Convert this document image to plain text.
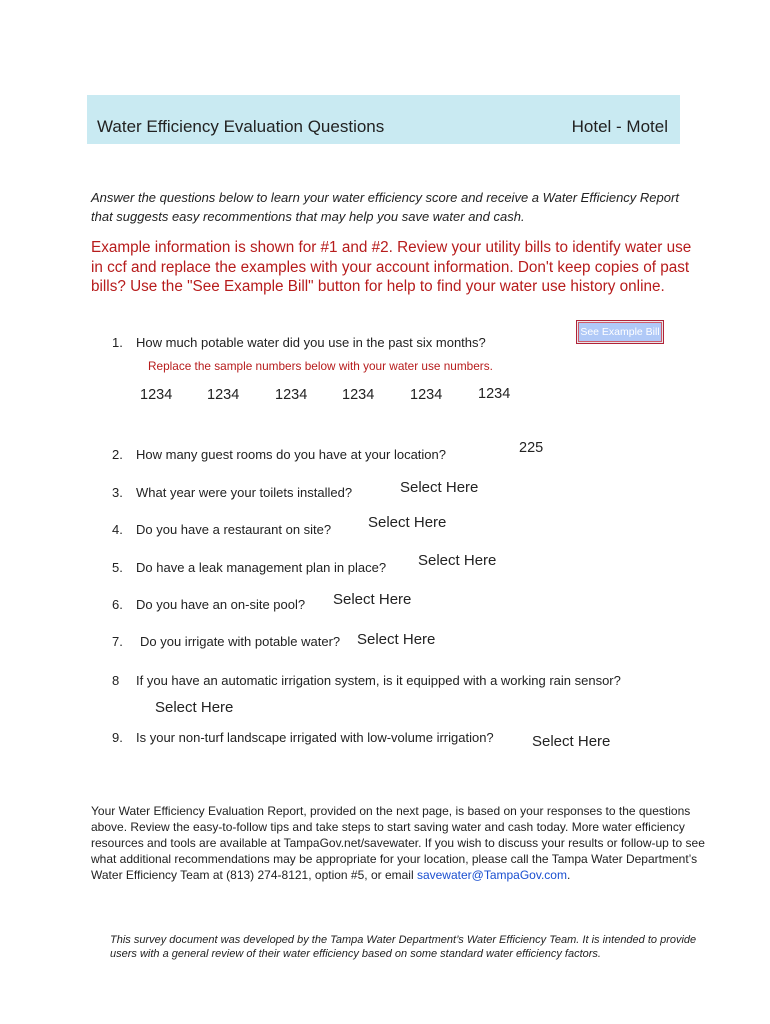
Water Efficiency Evaluation Questions	Hotel - Motel
Answer the questions below to learn your water efficiency score and receive a Water Efficiency Report that suggests easy recommentions that may help you save water and cash.
Example information is shown for #1 and #2. Review your utility bills to identify water use in ccf and replace the examples with your account information. Don't keep copies of past bills? Use the "See Example Bill" button for help to find your water use history online.
See Example Bill
1. How much potable water did you use in the past six months?
Replace the sample numbers below with your water use numbers.
1234 1234 1234 1234 1234 1234
2. How many guest rooms do you have at your location?	225
3. What year were your toilets installed?	Select Here
4. Do you have a restaurant on site? Select Here
5. Do have a leak management plan in place? Select Here
6. Do you have an on-site pool? Select Here
7. Do you irrigate with potable water? Select Here
8 If you have an automatic irrigation system, is it equipped with a working rain sensor?
Select Here
9. Is your non-turf landscape irrigated with low-volume irrigation?	Select Here
Your Water Efficiency Evaluation Report, provided on the next page, is based on your responses to the questions above. Review the easy-to-follow tips and take steps to start saving water and cash today. More water efficiency resources and tools are available at TampaGov.net/savewater. If you wish to discuss your results or follow-up to see what additional recommendations may be appropriate for your location, please call the Tampa Water Department’s Water Efficiency Team at (813) 274-8121, option #5, or email savewater@TampaGov.com.
This survey document was developed by the Tampa Water Department’s Water Efficiency Team. It is intended to provide users with a general review of their water efficiency based on some standard water efficiency factors.
